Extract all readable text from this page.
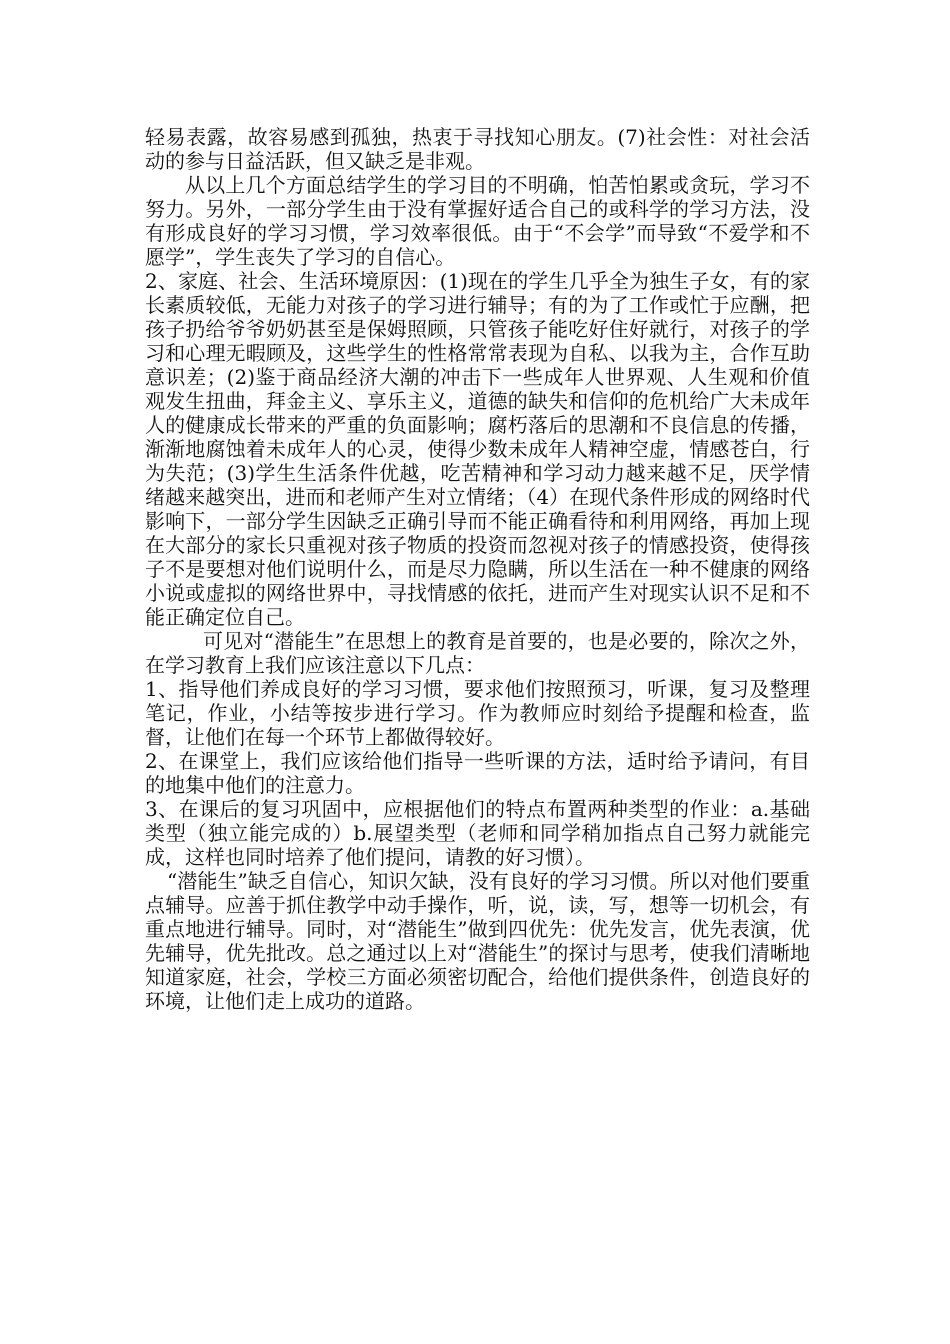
轻易表露，故容易感到孤独，热衷于寻找知心朋友。(7)社会性：对社会活动的参与日益活跃，但又缺乏是非观。

从以上几个方面总结学生的学习目的不明确，怕苦怕累或贪玩，学习不努力。另外，一部分学生由于没有掌握好适合自己的或科学的学习方法，没有形成良好的学习习惯，学习效率很低。由于“不会学”而导致“不爱学和不愿学”，学生丧失了学习的自信心。

2、家庭、社会、生活环境原因：(1)现在的学生几乎全为独生子女，有的家长素质较低，无能力对孩子的学习进行辅导；有的为了工作或忙于应酬，把孩子扔给爷爷奶奶甚至是保姆照顾，只管孩子能吃好住好就行，对孩子的学习和心理无暇顾及，这些学生的性格常常表现为自私、以我为主，合作互助意识差；(2)鉴于商品经济大潮的冲击下一些成年人世界观、人生观和价值观发生扭曲，拜金主义、享乐主义，道德的缺失和信仰的危机给广大未成年人的健康成长带来的严重的负面影响；腐朽落后的思潮和不良信息的传播，渐渐地腐蚀着未成年人的心灵，使得少数未成年人精神空虚，情感苍白，行为失范；(3)学生生活条件优越，吃苦精神和学习动力越来越不足，厌学情绪越来越突出，进而和老师产生对立情绪；（4）在现代条件形成的网络时代影响下，一部分学生因缺乏正确引导而不能正确看待和利用网络，再加上现在大部分的家长只重视对孩子物质的投资而忽视对孩子的情感投资，使得孩子不是要想对他们说明什么，而是尽力隐瞒，所以生活在一种不健康的网络小说或虚拟的网络世界中，寻找情感的依托，进而产生对现实认识不足和不能正确定位自己。

可见对“潜能生”在思想上的教育是首要的，也是必要的，除次之外，在学习教育上我们应该注意以下几点：

1、指导他们养成良好的学习习惯，要求他们按照预习，听课，复习及整理笔记，作业，小结等按步进行学习。作为教师应时刻给予提醒和检查，监督，让他们在每一个环节上都做得较好。

2、在课堂上，我们应该给他们指导一些听课的方法，适时给予请问，有目的地集中他们的注意力。

3、在课后的复习巩固中，应根据他们的特点布置两种类型的作业：a.基础类型（独立能完成的）b.展望类型（老师和同学稍加指点自己努力就能完成，这样也同时培养了他们提问，请教的好习惯）。

“潜能生”缺乏自信心，知识欠缺，没有良好的学习习惯。所以对他们要重点辅导。应善于抓住教学中动手操作，听，说，读，写，想等一切机会，有重点地进行辅导。同时，对“潜能生”做到四优先：优先发言，优先表演，优先辅导，优先批改。总之通过以上对“潜能生”的探讨与思考，使我们清晰地知道家庭，社会，学校三方面必须密切配合，给他们提供条件，创造良好的环境，让他们走上成功的道路。
